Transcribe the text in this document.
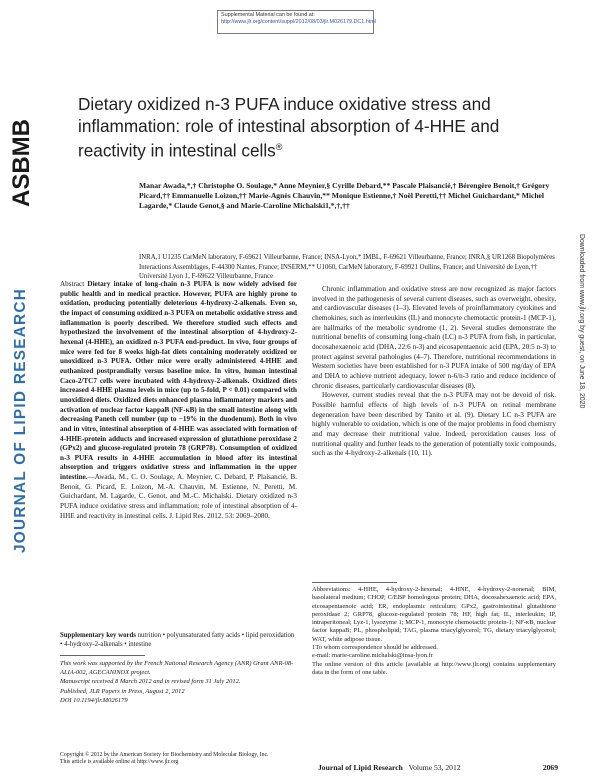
Supplemental Material can be found at:
http://www.jlr.org/content/suppl/2012/08/03/jlr.M026179.DC1.html
ASBMB
JOURNAL OF LIPID RESEARCH	Downloaded from www.jlr.org by guest, on June 18, 2020
Dietary oxidized n-3 PUFA induce oxidative stress and inflammation: role of intestinal absorption of 4-HHE and reactivity in intestinal cells®
Manar Awada,*,† Christophe O. Soulage,* Anne Meynier,§ Cyrille Debard,** Pascale Plaisancié,† Bérengère Benoit,† Grégory Picard,†† Emmanuelle Loizon,†† Marie-Agnès Chauvin,** Monique Estienne,† Noël Peretti,†† Michel Guichardant,* Michel Lagarde,* Claude Genot,§ and Marie-Caroline Michalski1,*,†,††
INRA,1 U1235 CarMeN laboratory, F-69621 Villeurbanne, France; INSA-Lyon,* IMBL, F-69621 Villeurbanne, France; INRA,§ UR1268 Biopolymères Interactions Assemblages, F-44300 Nantes, France; INSERM,** U1060, CarMeN laboratory, F-69921 Oullins, France; and Université de Lyon,†† Université Lyon 1, F-69622 Villeurbanne, France
Abstract Dietary intake of long-chain n-3 PUFA is now widely advised for public health and in medical practice. However, PUFA are highly prone to oxidation, producing potentially deleterious 4-hydroxy-2-alkenals. Even so, the impact of consuming oxidized n-3 PUFA on metabolic oxidative stress and inflammation is poorly described. We therefore studied such effects and hypothesized the involvement of the intestinal absorption of 4-hydroxy-2-hexenal (4-HHE), an oxidized n-3 PUFA end-product. In vivo, four groups of mice were fed for 8 weeks high-fat diets containing moderately oxidized or unoxidized n-3 PUFA. Other mice were orally administered 4-HHE and euthanized postprandially versus baseline mice. In vitro, human intestinal Caco-2/TC7 cells were incubated with 4-hydroxy-2-alkenals. Oxidized diets increased 4-HHE plasma levels in mice (up to 5-fold, P < 0.01) compared with unoxidized diets. Oxidized diets enhanced plasma inflammatory markers and activation of nuclear factor kappaB (NF-κB) in the small intestine along with decreasing Paneth cell number (up to −19% in the duodenum). Both in vivo and in vitro, intestinal absorption of 4-HHE was associated with formation of 4-HHE-protein adducts and increased expression of glutathione peroxidase 2 (GPx2) and glucose-regulated protein 78 (GRP78). Consumption of oxidized n-3 PUFA results in 4-HHE accumulation in blood after its intestinal absorption and triggers oxidative stress and inflammation in the upper intestine.—Awada, M., C. O. Soulage, A. Meynier, C. Debard, P. Plaisancié, B. Benoit, G. Picard, E. Loizon, M.-A. Chauvin, M. Estienne, N. Peretti, M. Guichardant, M. Lagarde, C. Genot, and M.-C. Michalski. Dietary oxidized n-3 PUFA induce oxidative stress and inflammation: role of intestinal absorption of 4-HHE and reactivity in intestinal cells. J. Lipid Res. 2012. 53: 2069–2080.
Supplementary key words nutrition • polyunsaturated fatty acids • lipid peroxidation • 4-hydroxy-2-alkenals • intestine

This work was supported by the French National Research Agency (ANR) Grant ANR-08-ALIA-002, AGECANINOX project.

Manuscript received 8 March 2012 and in revised form 31 July 2012.

Published, JLR Papers in Press, August 2, 2012

DOI 10.1194/jlr.M026179

Copyright © 2012 by the American Society for Biochemistry and Molecular Biology, Inc.
This article is available online at http://www.jlr.org

Chronic inflammation and oxidative stress are now recognized as major factors involved in the pathogenesis of several current diseases, such as overweight, obesity, and cardiovascular diseases (1–3). Elevated levels of proinflammatory cytokines and chemokines, such as interleukins (IL) and monocyte chemotactic protein-1 (MCP-1), are hallmarks of the metabolic syndrome (1, 2). Several studies demonstrate the nutritional benefits of consuming long-chain (LC) n-3 PUFA from fish, in particular, docosahexaenoic acid (DHA, 22:6 n-3) and eicosapentaenoic acid (EPA, 20:5 n-3) to protect against several pathologies (4–7). Therefore, nutritional recommendations in Western societies have been established for n-3 PUFA intake of 500 mg/day of EPA and DHA to achieve nutrient adequacy, lower n-6/n-3 ratio and reduce incidence of chronic diseases, particularly cardiovascular diseases (8).

However, current studies reveal that the n-3 PUFA may not be devoid of risk. Possible harmful effects of high levels of n-3 PUFA on retinal membrane degeneration have been described by Tanito et al. (9). Dietary LC n-3 PUFA are highly vulnerable to oxidation, which is one of the major problems in food chemistry and may decrease their nutritional value. Indeed, peroxidation causes loss of nutritional quality and further leads to the generation of potentially toxic compounds, such as the 4-hydroxy-2-alkenals (10, 11).

Abbreviations: 4-HHE, 4-hydroxy-2-hexenal; 4-HNE, 4-hydroxy-2-nonenal; BIM, basolateral medium; CHOP, C/EBP homologous protein; DHA, docosahexaenoic acid; EPA, eicosapentaenoic acid; ER, endoplasmic reticulum; GPx2, gastrointestinal glutathione peroxidase 2; GRP78, glucose-regulated protein 78; HF, high fat; IL, interleukin; IP, intraperitoneal; Lyz-1, lysozyme 1; MCP-1, monocyte chemotactic protein-1; NF-κB, nuclear factor kappaB; PL, phospholipid; TAG, plasma triacylglycerol; TG, dietary triacylglycerol; WAT, white adipose tissue.

1To whom correspondence should be addressed.

e-mail: marie-caroline.michalski@insa-lyon.fr

The online version of this article (available at http://www.jlr.org) contains supplementary data in the form of one table.

Journal of Lipid Research Volume 53, 2012	2069
